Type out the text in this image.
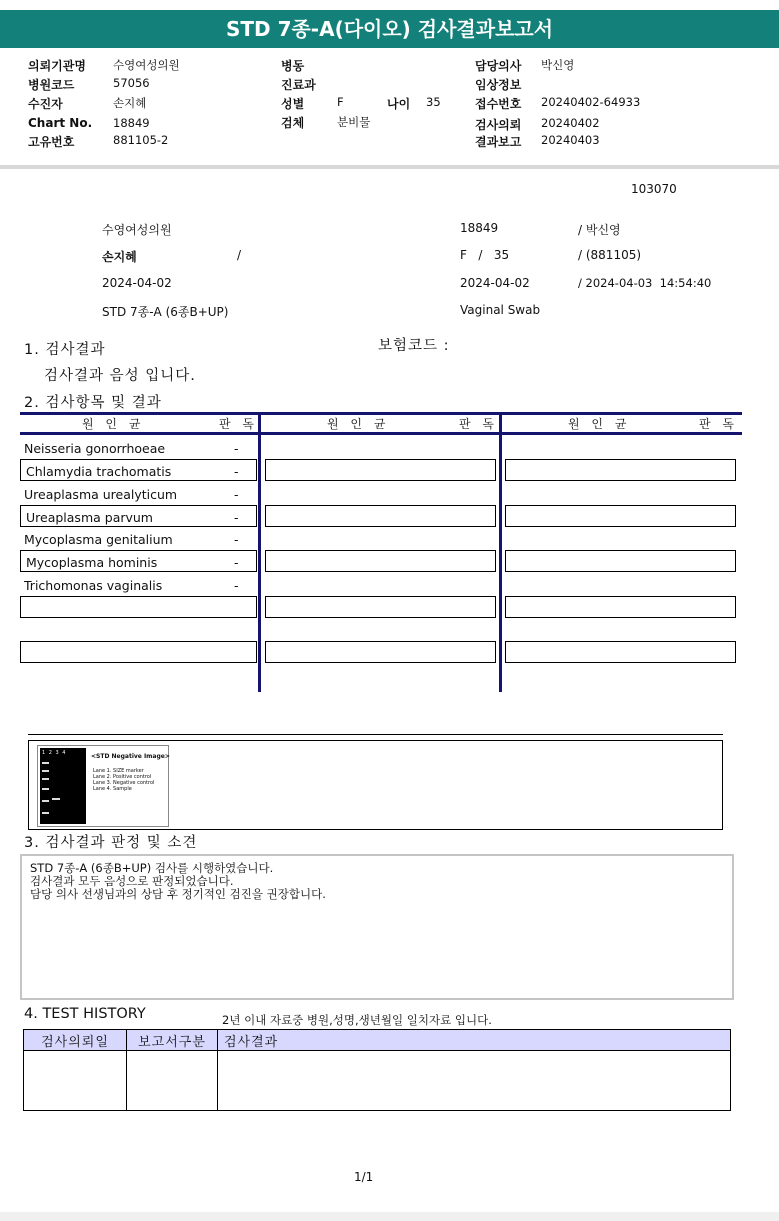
STD 7종-A(다이오) 검사결과보고서
의뢰기관명 수영여성의원
병원코드	57056
수진자	손지혜
Chart No. 18849
고유번호	881105-2
병동
진료과
성별	F	나이 35
검체	분비물
담당의사 박신영
임상정보
접수번호 20240402-64933
검사의뢰 20240402
결과보고 20240403
103070
수영여성의원	18849	/ 박신영
손지혜	/	F   /   35	/ (881105)
2024-04-02	2024-04-02	/ 2024-04-03  14:54:40
STD 7종-A (6종B+UP)	Vaginal Swab
1. 검사결과	보험코드 :
검사결과 음성 입니다.
2. 검사항목 및 결과
원 인 균	판 독	원 인 균	판 독	원 인 균	판 독
Neisseria gonorrhoeae	-
Chlamydia trachomatis	-
Ureaplasma urealyticum	-
Ureaplasma parvum	-
Mycoplasma genitalium	-
Mycoplasma hominis	-
Trichomonas vaginalis	-
1 2 3 4	<STD Negative Image>
Lane 1. SIZE marker
Lane 2. Positive control
Lane 3. Negative control
Lane 4. Sample
3. 검사결과 판정 및 소견
STD 7종-A (6종B+UP) 검사를 시행하였습니다.
검사결과 모두 음성으로 판정되었습니다.
담당 의사 선생님과의 상담 후 정기적인 검진을 권장합니다.
4. TEST HISTORY	2년 이내 자료중 병원,성명,생년월일 일치자료 입니다.
검사의뢰일	보고서구분	검사결과

1/1
